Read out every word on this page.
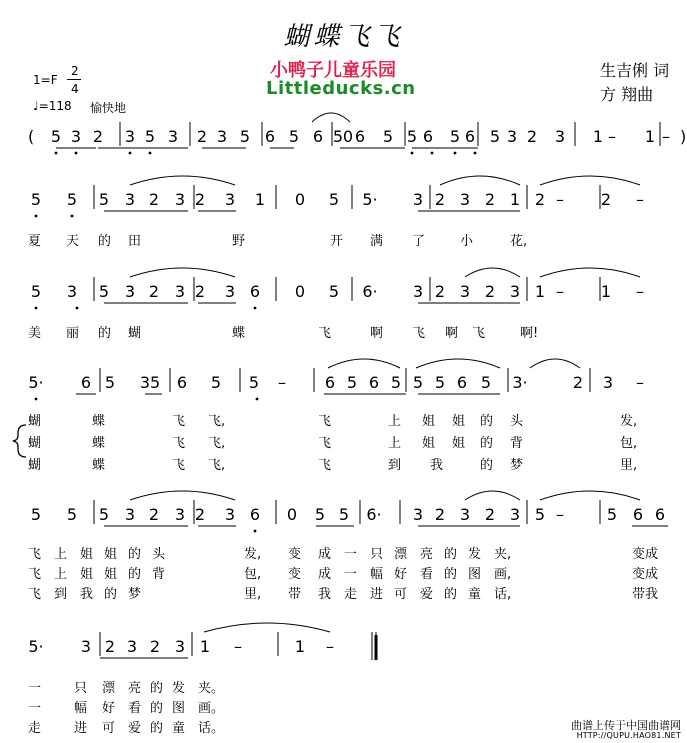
蝴蝶飞飞
小鸭子儿童乐园
Littleducks.cn
生吉俐 词
方 翔曲
1=F
2
4
♩=118 愉快地
5 3 2 3 5 3 2 3 5 6 5 6 5 0 6 5 5 6 5 6 5 3 2 3 1 – 1 –
5 5 5 3 2 3 2 3 1 0 5 5· 3 2 3 2 1 2 – 2 –
5 3 5 3 2 3 2 3 6 0 5 6· 3 2 3 2 3 1 – 1 –
5· 6 5 35 6 5 5 – 6 5 6 5 5 5 6 5 3·	2 3 –
5 5 5 3 2 3 2 3 6 0 5 5 6· 3 2 3 2 3 5 –	5 6 6
5· 3 2 3 2 3 1 –	1 –
(	)
夏 天 的 田	野	开 满 了	小	花,
美 丽 的 蝴	蝶	飞	啊 飞 啊 飞	啊!
蝴	蝶	飞 飞,	飞	上 姐 姐 的 头	发,
蝴	蝶	飞 飞,	飞	上 姐 姐 的 背	包,
蝴	蝶	飞 飞,	飞	到 我	的 梦	里,
飞 上 姐 姐 的 头	发, 变 成 一 只 漂 亮 的 发 夹,	变成
飞 上 姐 姐 的 背	包, 变 成 一 幅 好 看 的 图 画,	变成
飞 到 我 的 梦	里, 带 我 走 进 可 爱 的 童 话,	带我
一	只 漂 亮 的 发 夹。
一	幅 好 看 的 图 画。
走	进 可 爱 的 童 话。	曲谱上传于中国曲谱网
HTTP://QUPU.HAO81.NET
